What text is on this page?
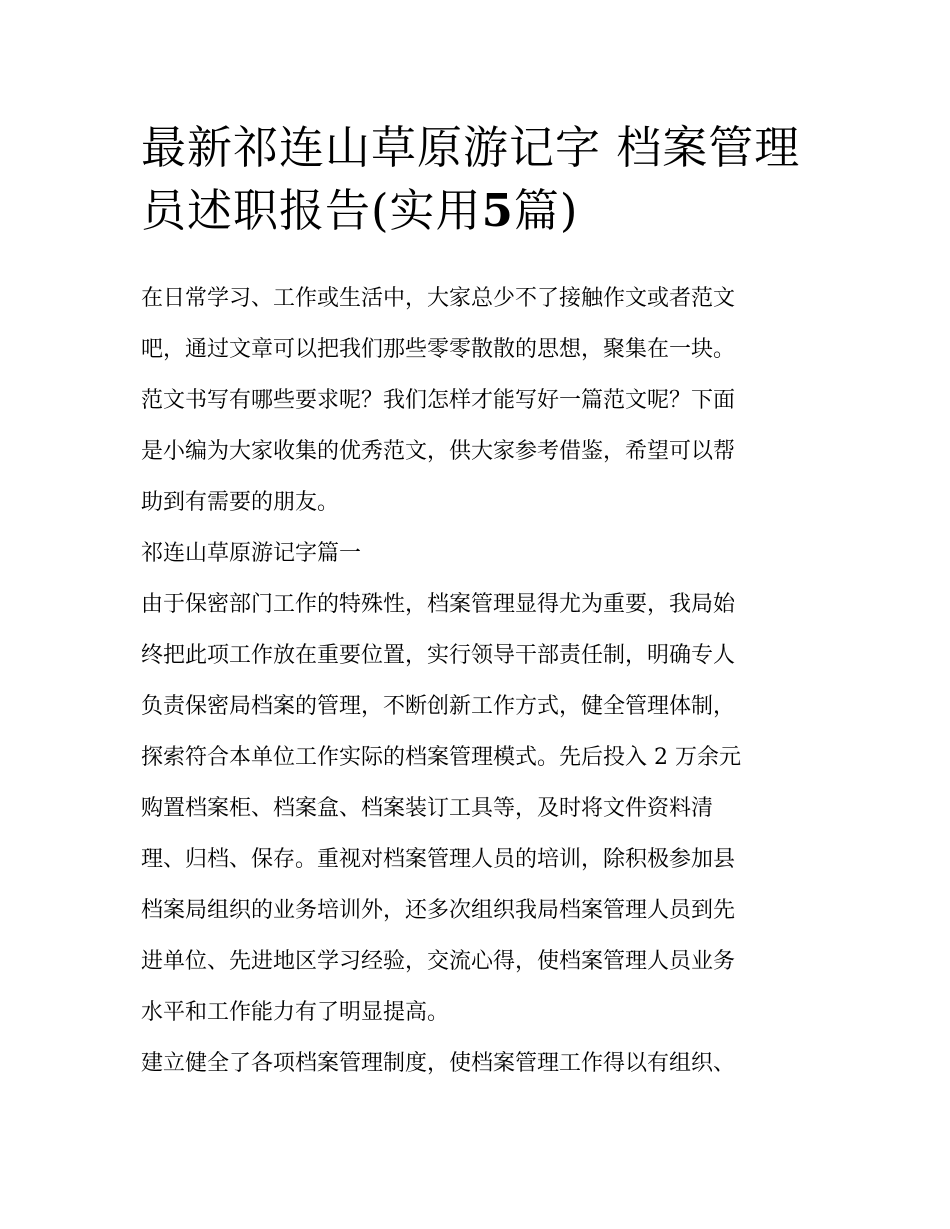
最新祁连山草原游记字 档案管理员述职报告(实用5篇)
在日常学习、工作或生活中，大家总少不了接触作文或者范文
吧，通过文章可以把我们那些零零散散的思想，聚集在一块。
范文书写有哪些要求呢？我们怎样才能写好一篇范文呢？下面
是小编为大家收集的优秀范文，供大家参考借鉴，希望可以帮
助到有需要的朋友。
祁连山草原游记字篇一
由于保密部门工作的特殊性，档案管理显得尤为重要，我局始
终把此项工作放在重要位置，实行领导干部责任制，明确专人
负责保密局档案的管理，不断创新工作方式，健全管理体制，
探索符合本单位工作实际的档案管理模式。先后投入 2 万余元
购置档案柜、档案盒、档案装订工具等，及时将文件资料清
理、归档、保存。重视对档案管理人员的培训，除积极参加县
档案局组织的业务培训外，还多次组织我局档案管理人员到先
进单位、先进地区学习经验，交流心得，使档案管理人员业务
水平和工作能力有了明显提高。
建立健全了各项档案管理制度，使档案管理工作得以有组织、
